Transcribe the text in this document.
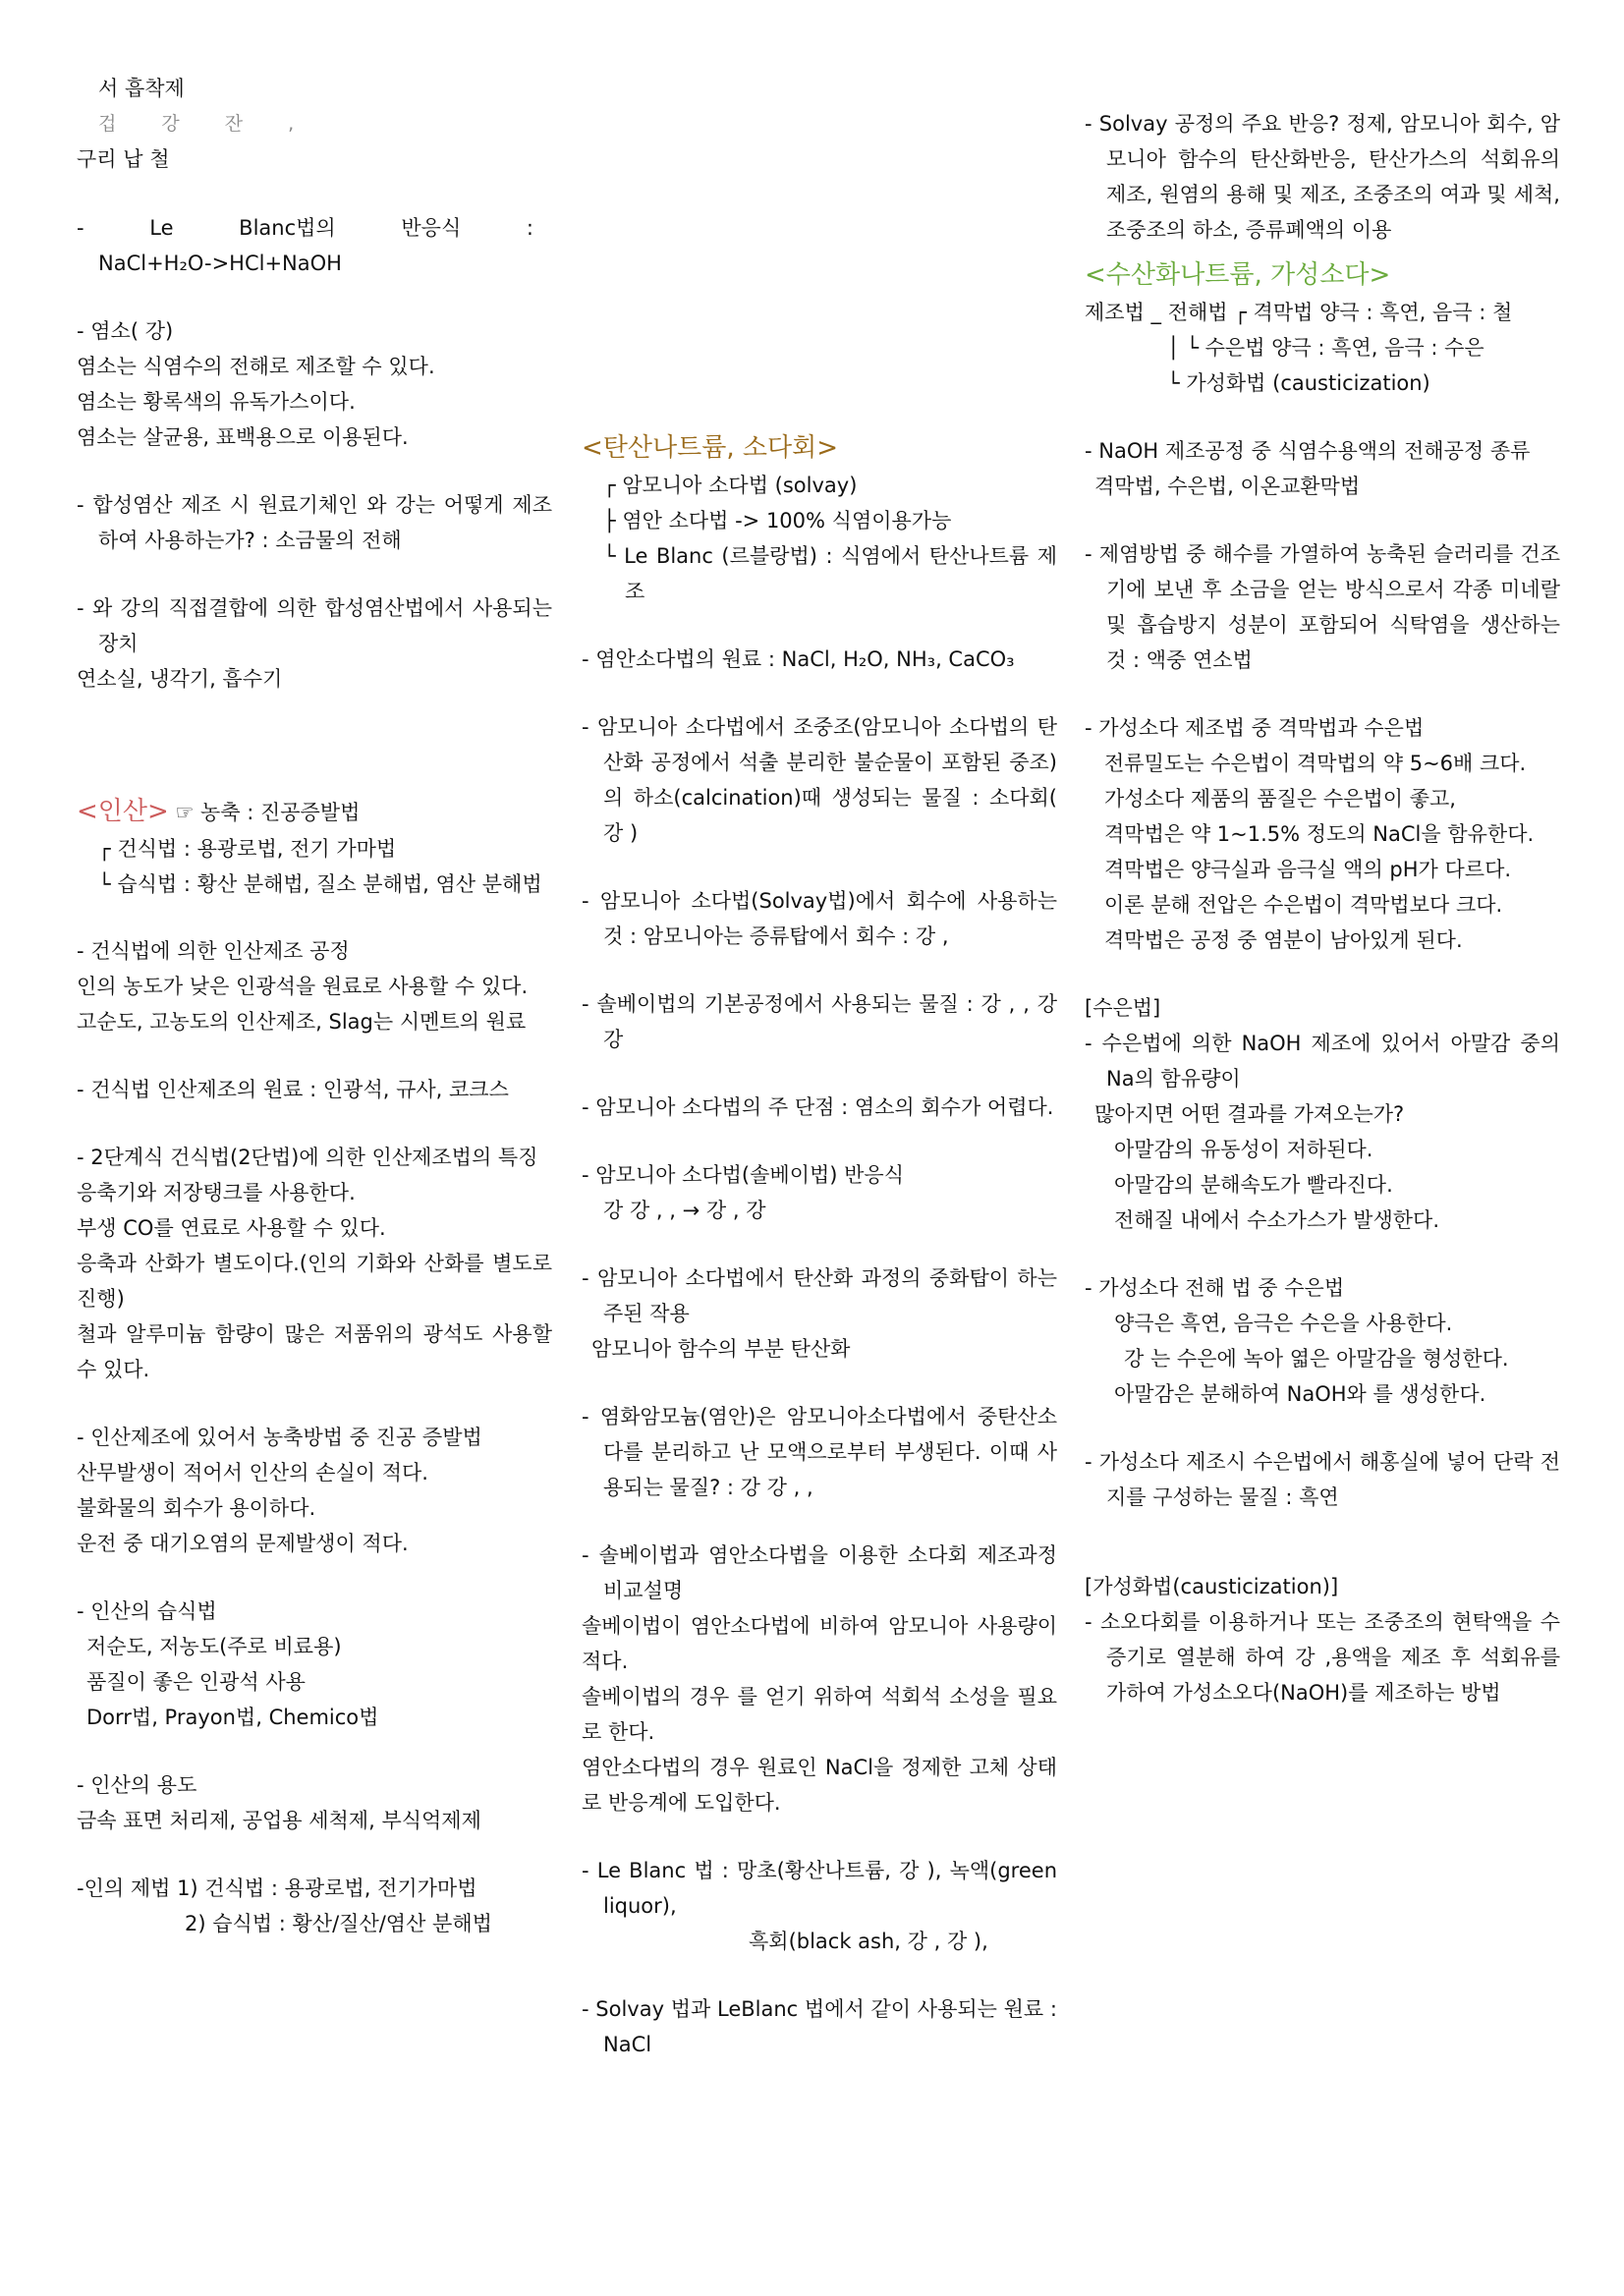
서 흡착제
겁 강 잔 ,
구리 납 철
- Le Blanc법의 반응식 :
NaCl+H₂O->HCl+NaOH
- 염소( 강)
염소는 식염수의 전해로 제조할 수 있다.
염소는 황록색의 유독가스이다.
염소는 살균용, 표백용으로 이용된다.
- 합성염산 제조 시 원료기체인 와 강는 어떻게 제조하여 사용하는가? : 소금물의 전해
- 와 강의 직접결합에 의한 합성염산법에서 사용되는 장치
연소실, 냉각기, 흡수기
<인산> ☞ 농축 : 진공증발법
┌ 건식법 : 용광로법, 전기 가마법
└ 습식법 : 황산 분해법, 질소 분해법, 염산 분해법
- 건식법에 의한 인산제조 공정
인의 농도가 낮은 인광석을 원료로 사용할 수 있다.
고순도, 고농도의 인산제조, Slag는 시멘트의 원료
- 건식법 인산제조의 원료 : 인광석, 규사, 코크스
- 2단계식 건식법(2단법)에 의한 인산제조법의 특징
응축기와 저장탱크를 사용한다.
부생 CO를 연료로 사용할 수 있다.
응축과 산화가 별도이다.(인의 기화와 산화를 별도로 진행)
철과 알루미늄 함량이 많은 저품위의 광석도 사용할 수 있다.
- 인산제조에 있어서 농축방법 중 진공 증발법
산무발생이 적어서 인산의 손실이 적다.
불화물의 회수가 용이하다.
운전 중 대기오염의 문제발생이 적다.
- 인산의 습식법
저순도, 저농도(주로 비료용)
품질이 좋은 인광석 사용
Dorr법, Prayon법, Chemico법
- 인산의 용도
금속 표면 처리제, 공업용 세척제, 부식억제제
-인의 제법 1) 건식법 : 용광로법, 전기가마법
2) 습식법 : 황산/질산/염산 분해법
<탄산나트륨, 소다회>
┌ 암모니아 소다법 (solvay)
├ 염안 소다법 -> 100% 식염이용가능
└ Le Blanc (르블랑법) : 식염에서 탄산나트륨 제조
- 염안소다법의 원료 : NaCl, H₂O, NH₃, CaCO₃
- 암모니아 소다법에서 조중조(암모니아 소다법의 탄산화 공정에서 석출 분리한 불순물이 포함된 중조)의 하소(calcination)때 생성되는 물질 : 소다회( 강 )
- 암모니아 소다법(Solvay법)에서 회수에 사용하는 것 : 암모니아는 증류탑에서 회수 : 강 ,
- 솔베이법의 기본공정에서 사용되는 물질 : 강 , , 강 강
- 암모니아 소다법의 주 단점 : 염소의 회수가 어렵다.
- 암모니아 소다법(솔베이법) 반응식
강 강 , , → 강 , 강
- 암모니아 소다법에서 탄산화 과정의 중화탑이 하는 주된 작용
암모니아 함수의 부분 탄산화
- 염화암모늄(염안)은 암모니아소다법에서 중탄산소다를 분리하고 난 모액으로부터 부생된다. 이때 사용되는 물질? : 강 강 , ,
- 솔베이법과 염안소다법을 이용한 소다회 제조과정 비교설명
솔베이법이 염안소다법에 비하여 암모니아 사용량이 적다.
솔베이법의 경우 를 얻기 위하여 석회석 소성을 필요로 한다.
염안소다법의 경우 원료인 NaCl을 정제한 고체 상태로 반응계에 도입한다.
- Le Blanc 법 : 망초(황산나트륨, 강 ), 녹액(green liquor),
흑회(black ash, 강 , 강 ),
- Solvay 법과 LeBlanc 법에서 같이 사용되는 원료 : NaCl
- Solvay 공정의 주요 반응? 정제, 암모니아 회수, 암모니아 함수의 탄산화반응, 탄산가스의 석회유의 제조, 원염의 용해 및 제조, 조중조의 여과 및 세척, 조중조의 하소, 증류폐액의 이용
<수산화나트륨, 가성소다>
제조법 _ 전해법 ┌ 격막법 양극 : 흑연, 음극 : 철
│ └ 수은법 양극 : 흑연, 음극 : 수은
└ 가성화법 (causticization)
- NaOH 제조공정 중 식염수용액의 전해공정 종류
격막법, 수은법, 이온교환막법
- 제염방법 중 해수를 가열하여 농축된 슬러리를 건조기에 보낸 후 소금을 얻는 방식으로서 각종 미네랄 및 흡습방지 성분이 포함되어 식탁염을 생산하는 것 : 액중 연소법
- 가성소다 제조법 중 격막법과 수은법
전류밀도는 수은법이 격막법의 약 5~6배 크다.
가성소다 제품의 품질은 수은법이 좋고,
격막법은 약 1~1.5% 정도의 NaCl을 함유한다.
격막법은 양극실과 음극실 액의 pH가 다르다.
이론 분해 전압은 수은법이 격막법보다 크다.
격막법은 공정 중 염분이 남아있게 된다.
[수은법]
- 수은법에 의한 NaOH 제조에 있어서 아말감 중의 Na의 함유량이
많아지면 어떤 결과를 가져오는가?
아말감의 유동성이 저하된다.
아말감의 분해속도가 빨라진다.
전해질 내에서 수소가스가 발생한다.
- 가성소다 전해 법 중 수은법
양극은 흑연, 음극은 수은을 사용한다.
강 는 수은에 녹아 엷은 아말감을 형성한다.
아말감은 분해하여 NaOH와 를 생성한다.
- 가성소다 제조시 수은법에서 해홍실에 넣어 단락 전지를 구성하는 물질 : 흑연
[가성화법(causticization)]
- 소오다회를 이용하거나 또는 조중조의 현탁액을 수증기로 열분해 하여 강 ,용액을 제조 후 석회유를 가하여 가성소오다(NaOH)를 제조하는 방법
